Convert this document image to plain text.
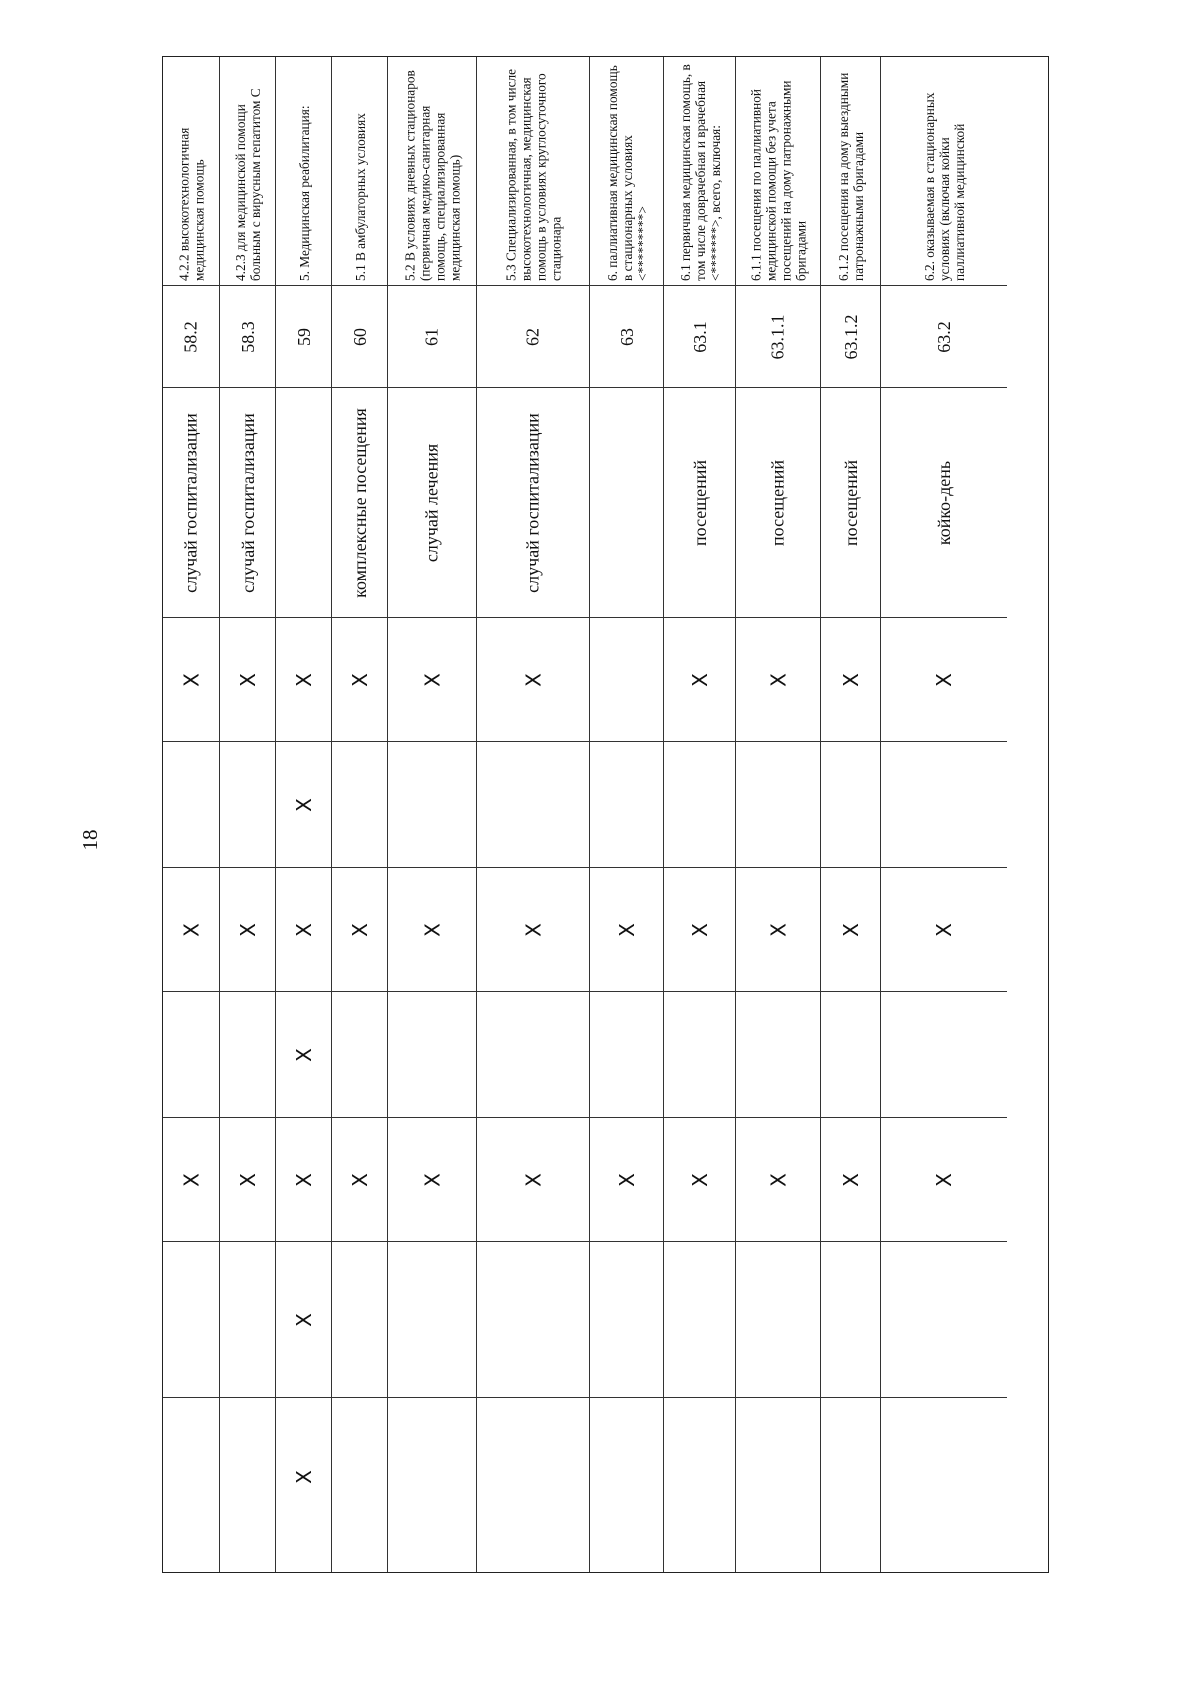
18
4.2.2 высокотехнологичная медицинская помощь
58.2
случай госпитализации
X
X
X
4.2.3 для медицинской помощи больным с вирусным гепатитом С
58.3
случай госпитализации
X
X
X
5. Медицинская реабилитация:
59
X
X
X
X
X
X
X
5.1 В амбулаторных условиях
60
комплексные посещения
X
X
X
5.2 В условиях дневных стационаров (первичная медико-санитарная помощь, специализированная медицинская помощь)
61
случай лечения
X
X
X
5.3 Специализированная, в том числе высокотехнологичная, медицинская помощь в условиях круглосуточного стационара
62
случай госпитализации
X
X
X
6. паллиативная медицинская помощь в стационарных условиях <*********>
63
X
X
6.1 первичная медицинская помощь, в том числе доврачебная и врачебная <*******>, всего, включая:
63.1
посещений
X
X
X
6.1.1 посещения по паллиативной медицинской помощи без учета посещений на дому патронажными бригадами
63.1.1
посещений
X
X
X
6.1.2 посещения на дому выездными патронажными бригадами
63.1.2
посещений
X
X
X
6.2. оказываемая в стационарных условиях (включая койки паллиативной медицинской
63.2
койко-день
X
X
X
